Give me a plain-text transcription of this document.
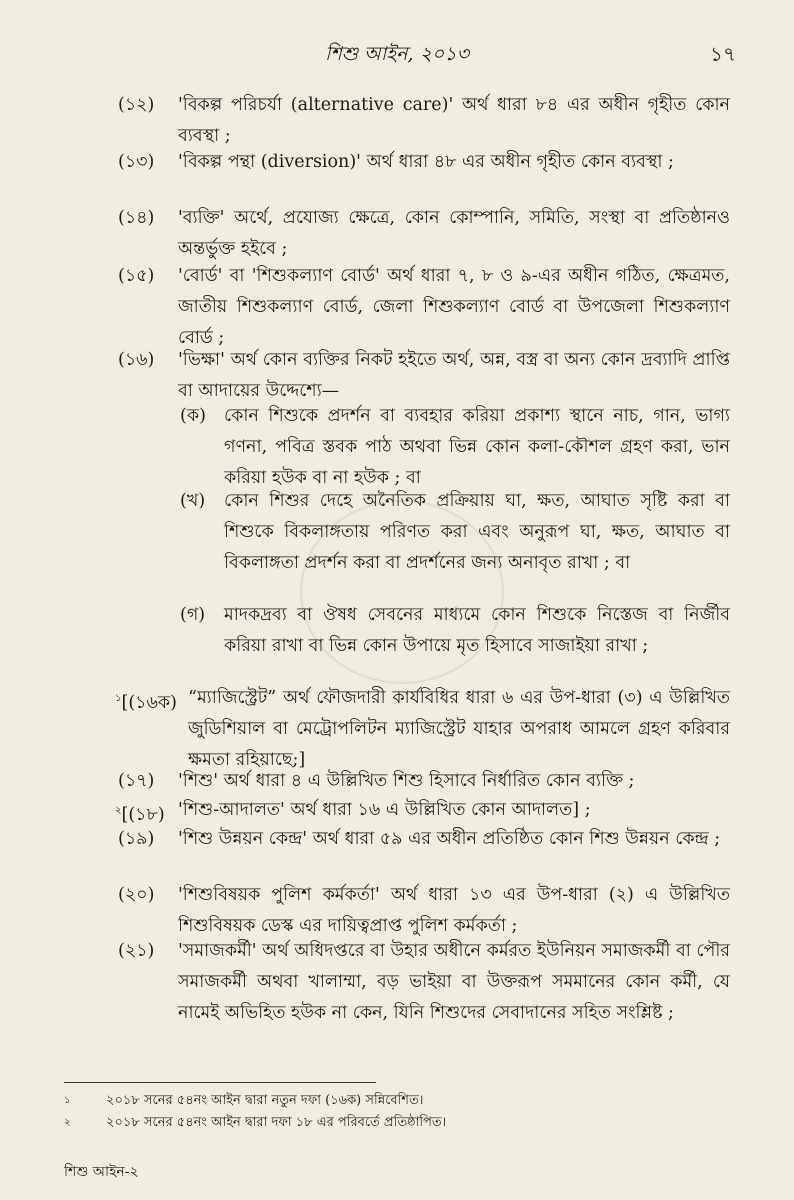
শিশু আইন, ২০১৩	১৭
(১২) 'বিকল্প পরিচর্যা (alternative care)' অর্থ ধারা ৮৪ এর অধীন গৃহীত কোন ব্যবস্থা ;
(১৩) 'বিকল্প পন্থা (diversion)' অর্থ ধারা ৪৮ এর অধীন গৃহীত কোন ব্যবস্থা ;
(১৪) 'ব্যক্তি' অর্থে, প্রযোজ্য ক্ষেত্রে, কোন কোম্পানি, সমিতি, সংস্থা বা প্রতিষ্ঠানও অন্তর্ভুক্ত হইবে ;
(১৫) 'বোর্ড' বা 'শিশুকল্যাণ বোর্ড' অর্থ ধারা ৭, ৮ ও ৯-এর অধীন গঠিত, ক্ষেত্রমত, জাতীয় শিশুকল্যাণ বোর্ড, জেলা শিশুকল্যাণ বোর্ড বা উপজেলা শিশুকল্যাণ বোর্ড ;
(১৬) 'ভিক্ষা' অর্থ কোন ব্যক্তির নিকট হইতে অর্থ, অন্ন, বস্ত্র বা অন্য কোন দ্রব্যাদি প্রাপ্তি বা আদায়ের উদ্দেশ্যে—
(ক) কোন শিশুকে প্রদর্শন বা ব্যবহার করিয়া প্রকাশ্য স্থানে নাচ, গান, ভাগ্য গণনা, পবিত্র স্তবক পাঠ অথবা ভিন্ন কোন কলা-কৌশল গ্রহণ করা, ভান করিয়া হউক বা না হউক ; বা
(খ) কোন শিশুর দেহে অনৈতিক প্রক্রিয়ায় ঘা, ক্ষত, আঘাত সৃষ্টি করা বা শিশুকে বিকলাঙ্গতায় পরিণত করা এবং অনুরূপ ঘা, ক্ষত, আঘাত বা বিকলাঙ্গতা প্রদর্শন করা বা প্রদর্শনের জন্য অনাবৃত রাখা ; বা
(গ) মাদকদ্রব্য বা ঔষধ সেবনের মাধ্যমে কোন শিশুকে নিস্তেজ বা নির্জীব করিয়া রাখা বা ভিন্ন কোন উপায়ে মৃত হিসাবে সাজাইয়া রাখা ;
$^১$[(১৬ক) “ম্যাজিস্ট্রেট” অর্থ ফৌজদারী কার্যবিধির ধারা ৬ এর উপ-ধারা (৩) এ উল্লিখিত জুডিশিয়াল বা মেট্রোপলিটন ম্যাজিস্ট্রেট যাহার অপরাধ আমলে গ্রহণ করিবার ক্ষমতা রহিয়াছে;]
(১৭) 'শিশু' অর্থ ধারা ৪ এ উল্লিখিত শিশু হিসাবে নির্ধারিত কোন ব্যক্তি ;
$^২$[(১৮) 'শিশু-আদালত' অর্থ ধারা ১৬ এ উল্লিখিত কোন আদালত] ;
(১৯) 'শিশু উন্নয়ন কেন্দ্র' অর্থ ধারা ৫৯ এর অধীন প্রতিষ্ঠিত কোন শিশু উন্নয়ন কেন্দ্র ;
(২০) 'শিশুবিষয়ক পুলিশ কর্মকর্তা' অর্থ ধারা ১৩ এর উপ-ধারা (২) এ উল্লিখিত শিশুবিষয়ক ডেস্ক এর দায়িত্বপ্রাপ্ত পুলিশ কর্মকর্তা ;
(২১) 'সমাজকর্মী' অর্থ অধিদপ্তরে বা উহার অধীনে কর্মরত ইউনিয়ন সমাজকর্মী বা পৌর সমাজকর্মী অথবা খালাম্মা, বড় ভাইয়া বা উক্তরূপ সমমানের কোন কর্মী, যে নামেই অভিহিত হউক না কেন, যিনি শিশুদের সেবাদানের সহিত সংশ্লিষ্ট ;
১	২০১৮ সনের ৫৪নং আইন দ্বারা নতুন দফা (১৬ক) সন্নিবেশিত।
২	২০১৮ সনের ৫৪নং আইন দ্বারা দফা ১৮ এর পরিবর্তে প্রতিষ্ঠাপিত।
শিশু আইন-২
